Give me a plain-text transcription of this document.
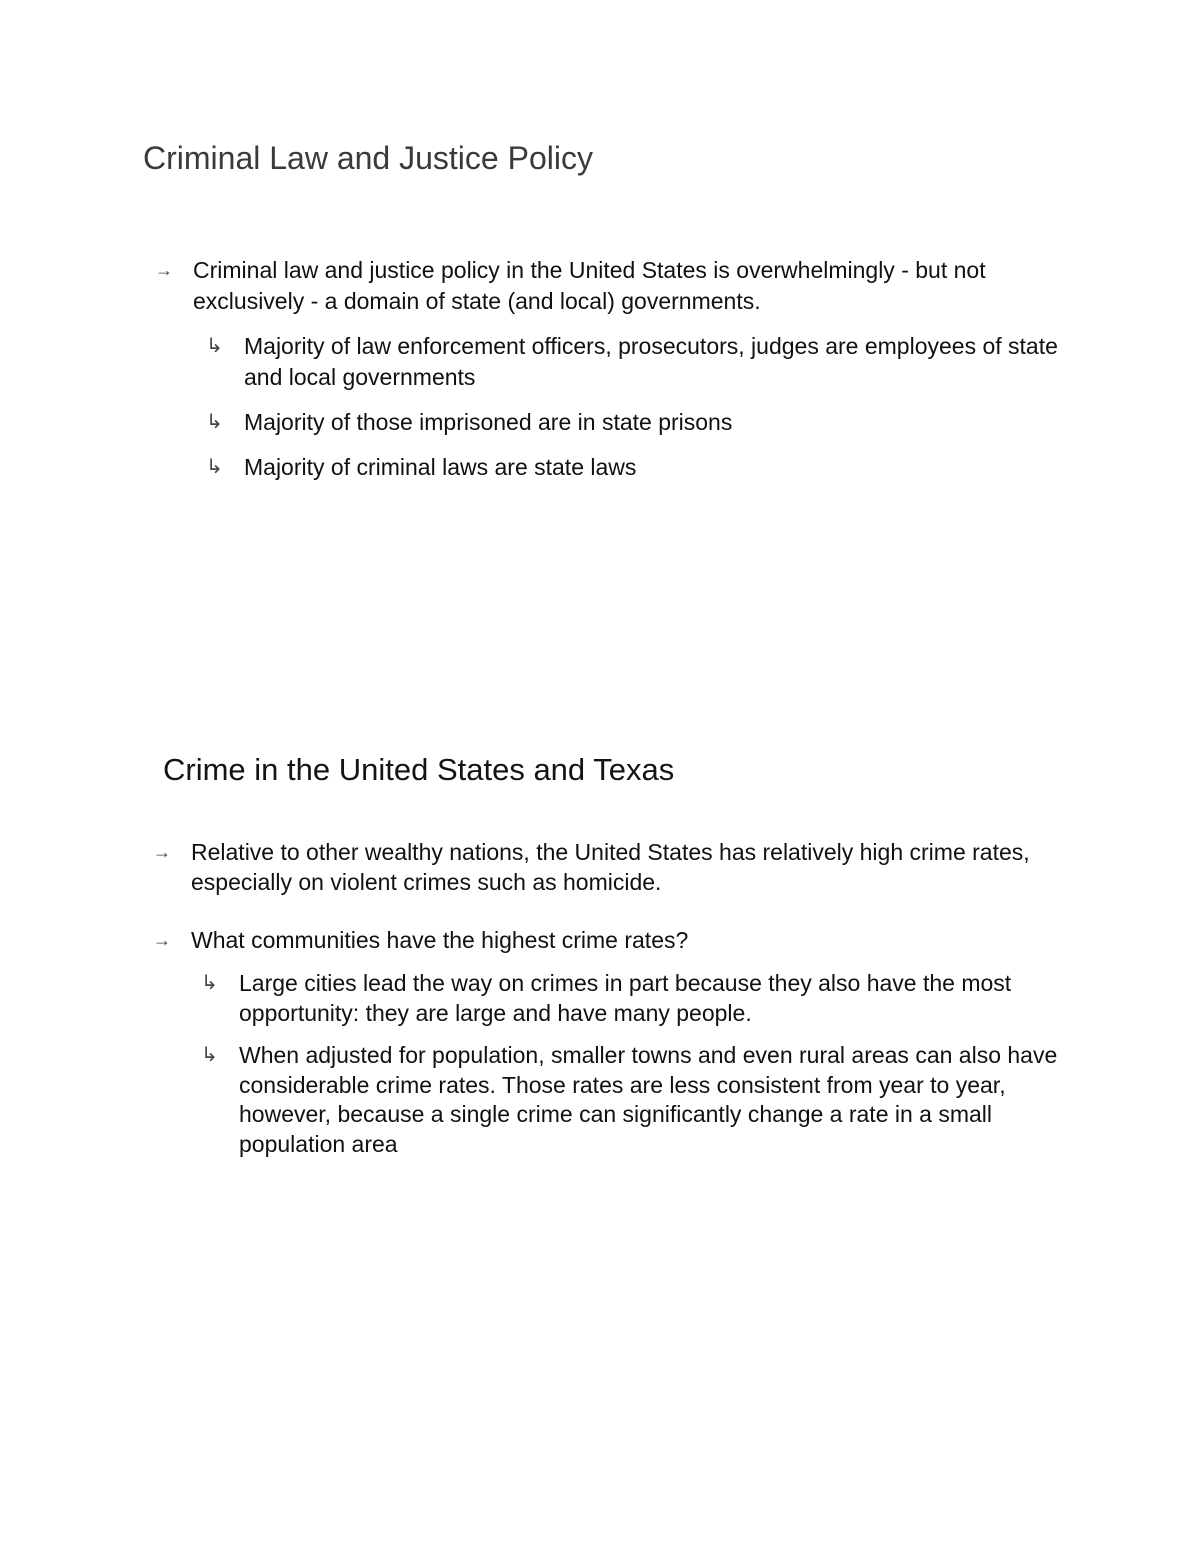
Criminal Law and Justice Policy
→ Criminal law and justice policy in the United States is overwhelmingly - but not exclusively - a domain of state (and local) governments.
↳ Majority of law enforcement officers, prosecutors, judges are employees of state and local governments
↳ Majority of those imprisoned are in state prisons
↳ Majority of criminal laws are state laws
Crime in the United States and Texas
→ Relative to other wealthy nations, the United States has relatively high crime rates, especially on violent crimes such as homicide.
→ What communities have the highest crime rates?
↳ Large cities lead the way on crimes in part because they also have the most opportunity: they are large and have many people.
↳ When adjusted for population, smaller towns and even rural areas can also have considerable crime rates. Those rates are less consistent from year to year, however, because a single crime can significantly change a rate in a small population area
